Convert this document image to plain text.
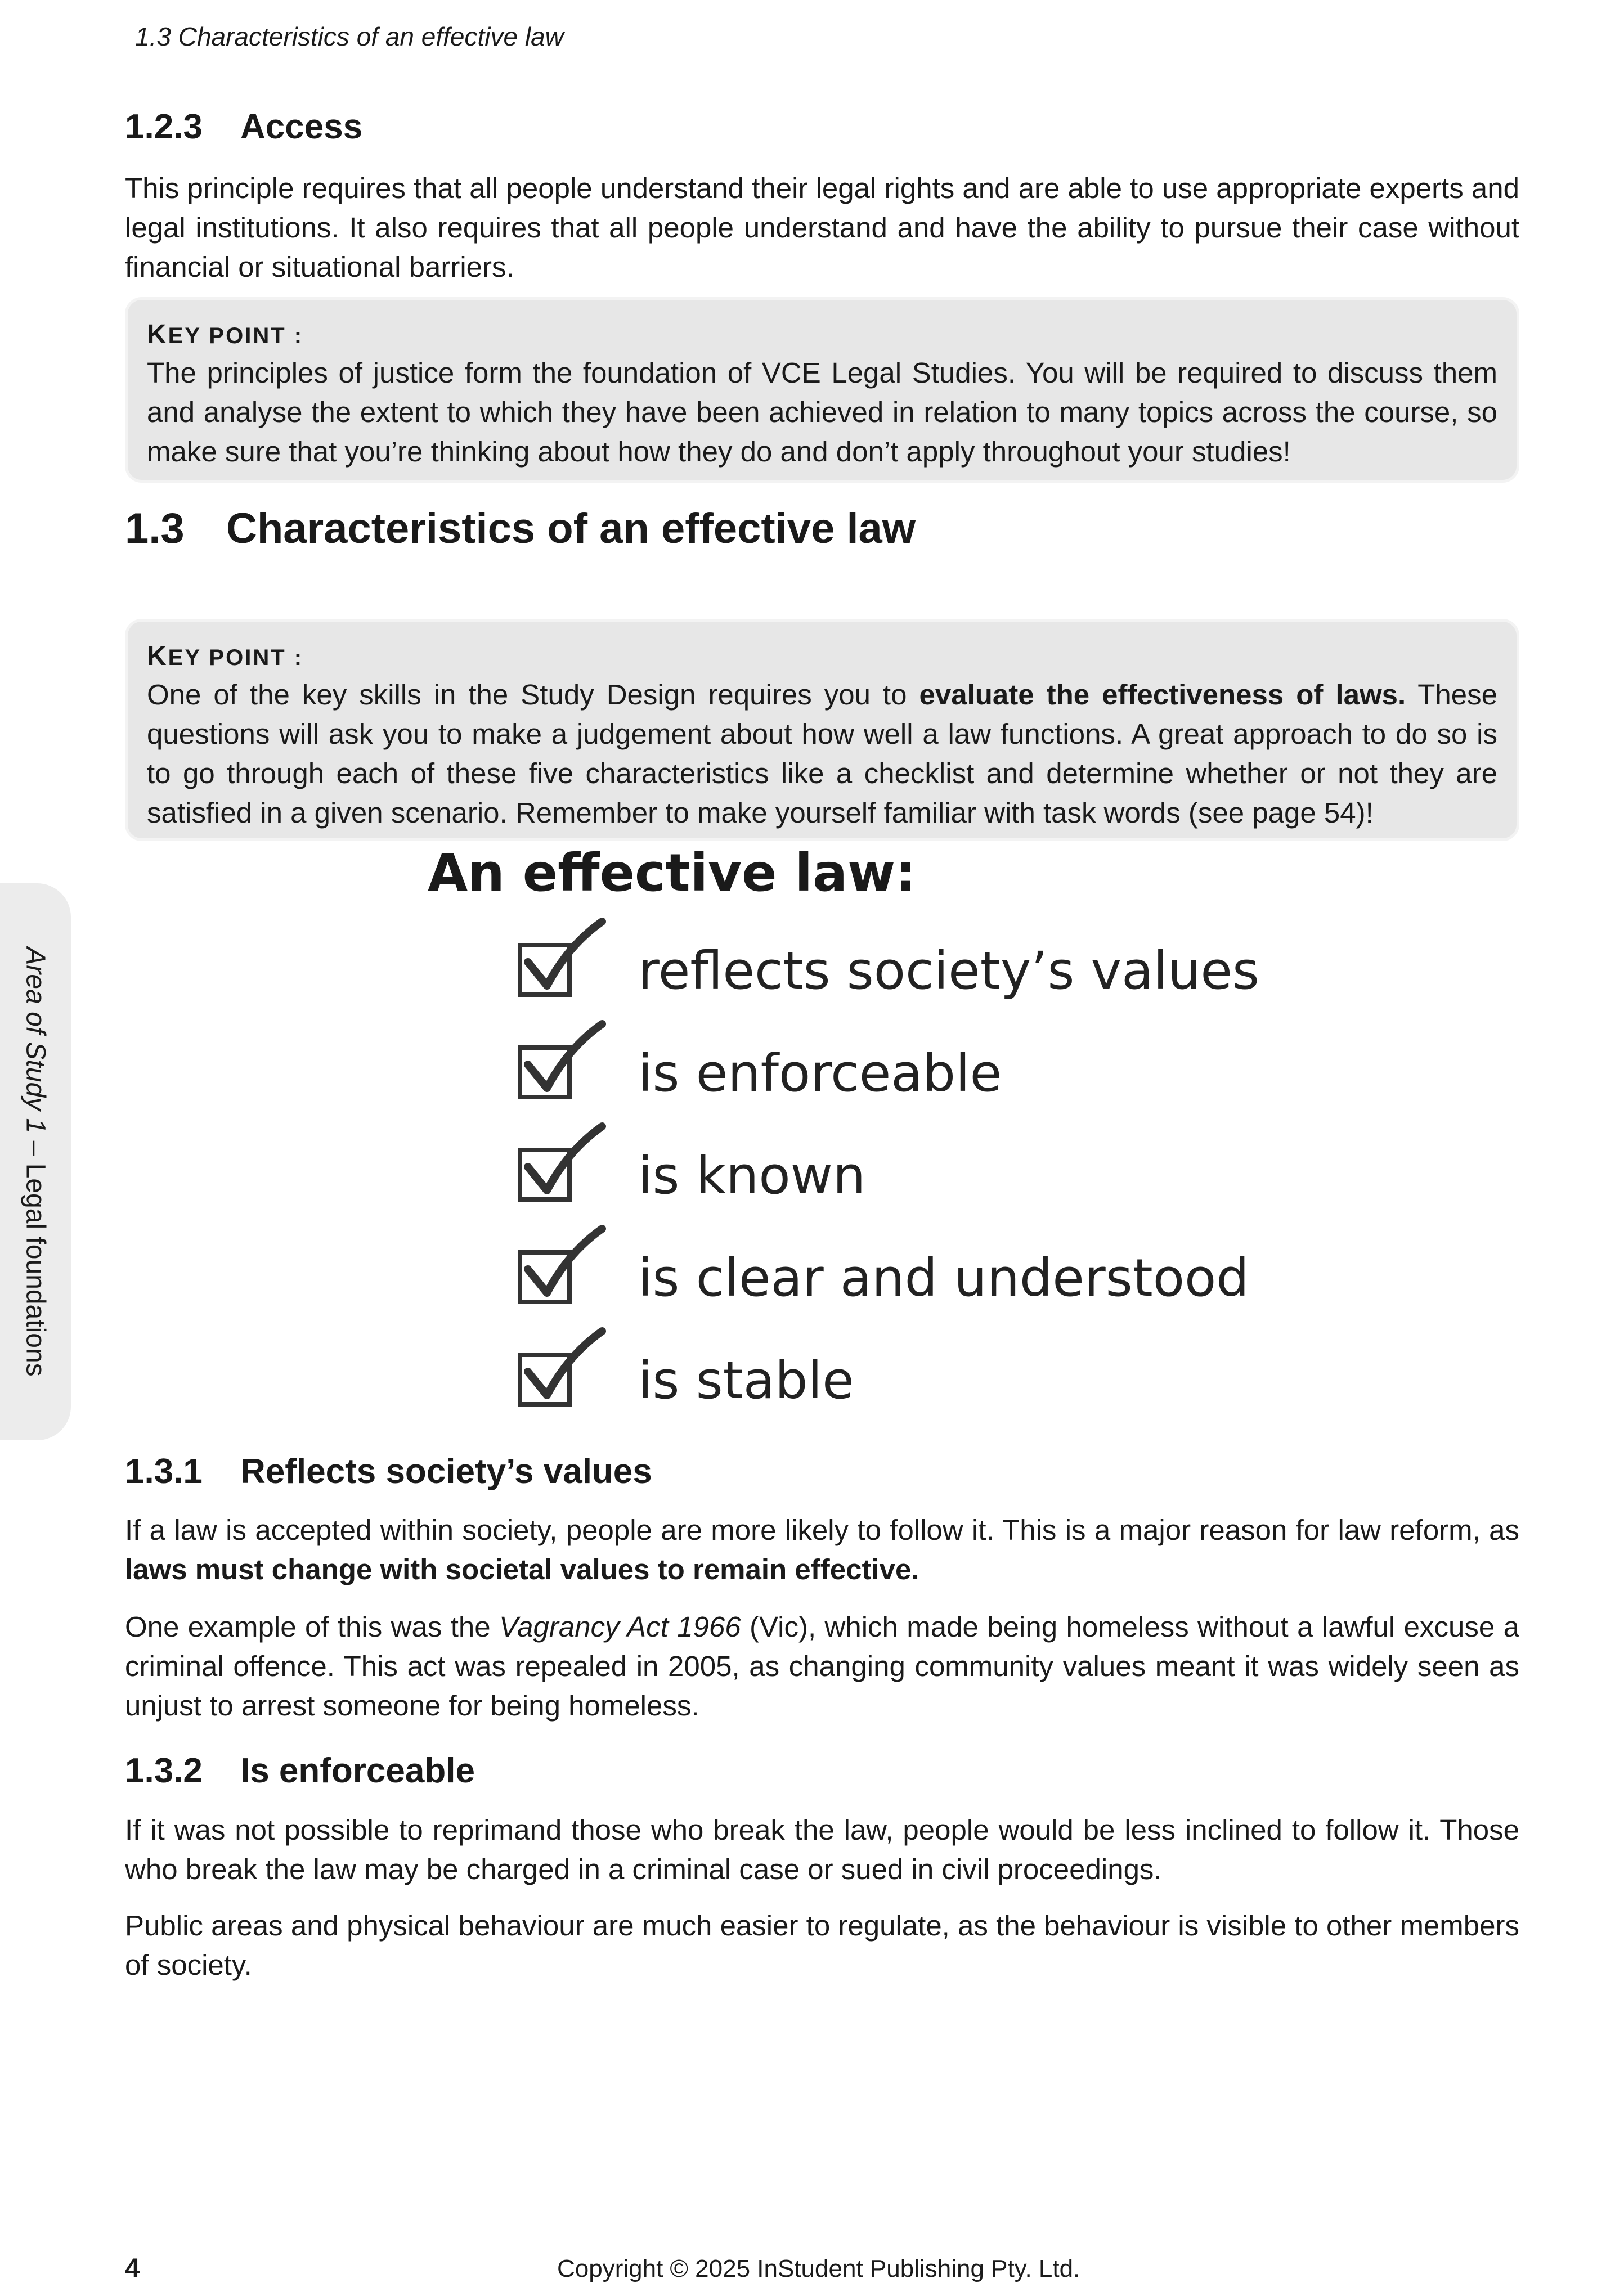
1.3 Characteristics of an effective law
1.2.3 Access

This principle requires that all people understand their legal rights and are able to use appropriate experts and legal institutions. It also requires that all people understand and have the ability to pursue their case without financial or situational barriers.

KEY POINT :

The principles of justice form the foundation of VCE Legal Studies. You will be required to discuss them and analyse the extent to which they have been achieved in relation to many topics across the course, so make sure that you’re thinking about how they do and don’t apply throughout your studies!

1.3 Characteristics of an effective law

KEY POINT :

One of the key skills in the Study Design requires you to evaluate the effectiveness of laws. These questions will ask you to make a judgement about how well a law functions. A great approach to do so is to go through each of these five characteristics like a checklist and determine whether or not they are satisfied in a given scenario. Remember to make yourself familiar with task words (see page 54)!

An effective law:
reflects society’s values
is enforceable
is known
is clear and understood
is stable
Area of Study 1 – Legal foundations
1.3.1 Reflects society’s values

If a law is accepted within society, people are more likely to follow it. This is a major reason for law reform, as laws must change with societal values to remain effective.

One example of this was the Vagrancy Act 1966 (Vic), which made being homeless without a lawful excuse a criminal offence. This act was repealed in 2005, as changing community values meant it was widely seen as unjust to arrest someone for being homeless.

1.3.2 Is enforceable

If it was not possible to reprimand those who break the law, people would be less inclined to follow it. Those who break the law may be charged in a criminal case or sued in civil proceedings.

Public areas and physical behaviour are much easier to regulate, as the behaviour is visible to other members of society.

4	Copyright © 2025 InStudent Publishing Pty. Ltd.
